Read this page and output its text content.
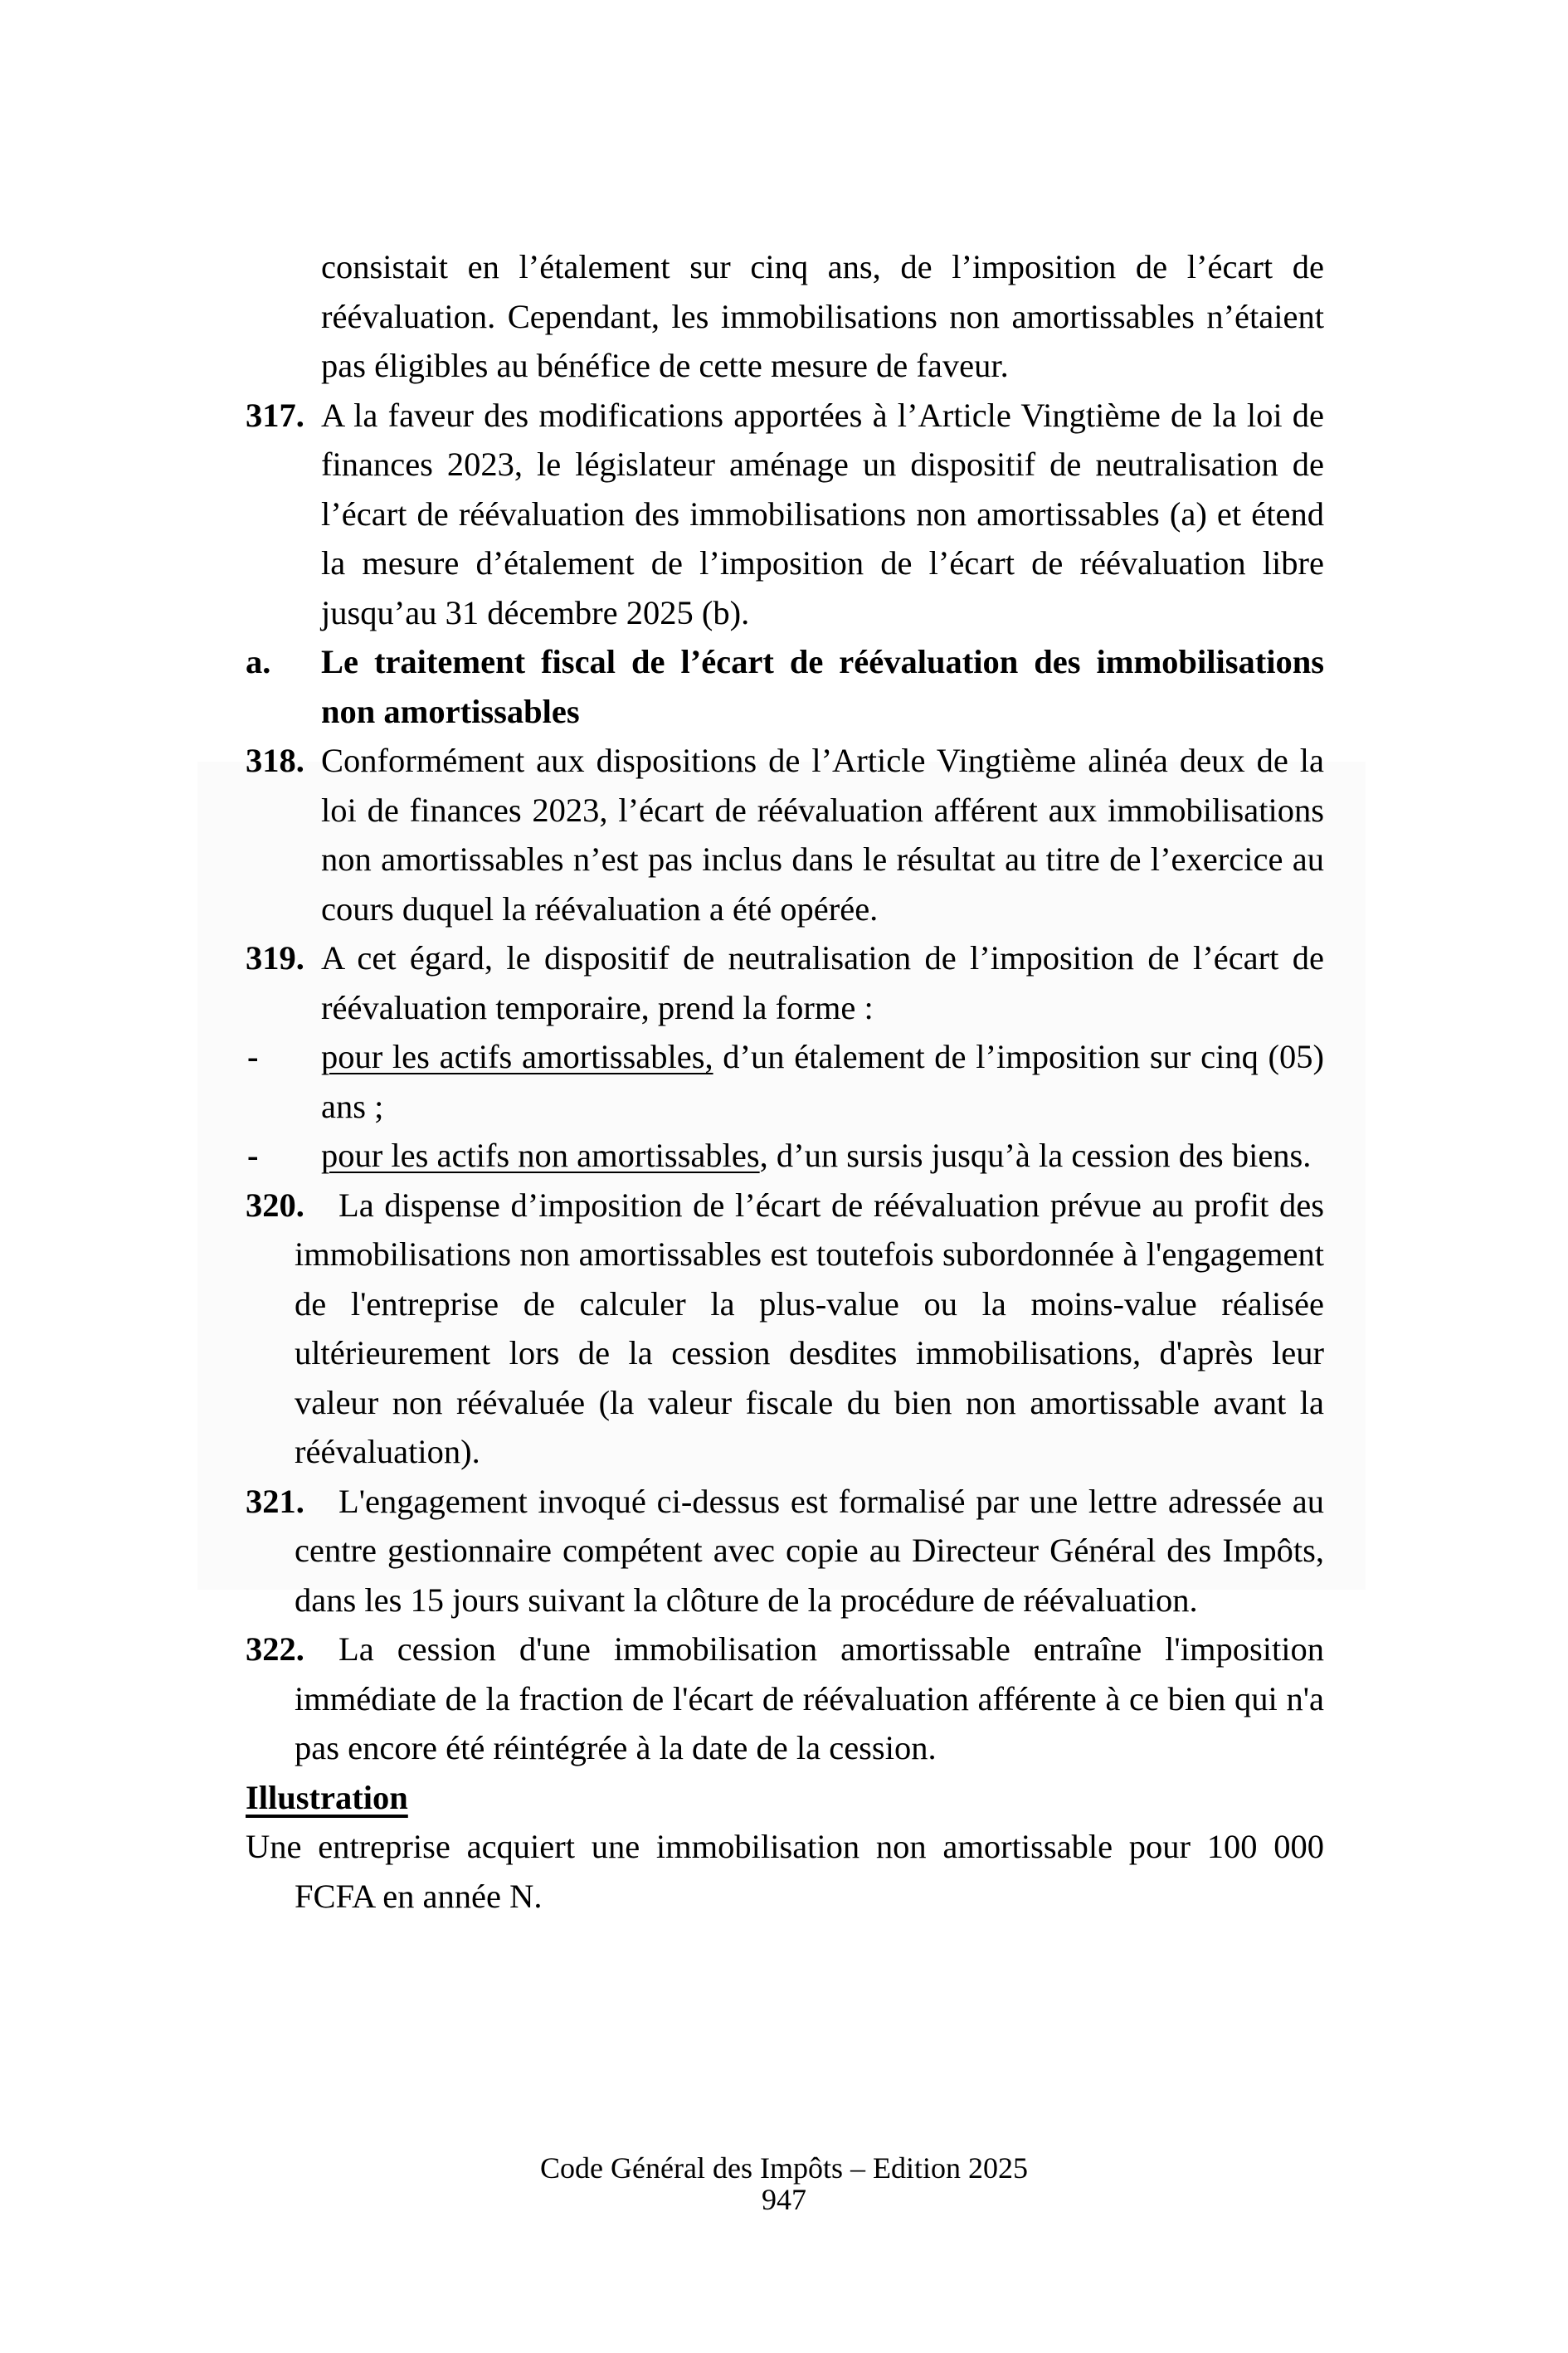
consistait en l’étalement sur cinq ans, de l’imposition de l’écart de réévaluation. Cependant, les immobilisations non amortissables n’étaient pas éligibles au bénéfice de cette mesure de faveur.
317. A la faveur des modifications apportées à l’Article Vingtième de la loi de finances 2023, le législateur aménage un dispositif de neutralisation de l’écart de réévaluation des immobilisations non amortissables (a) et étend la mesure d’étalement de l’imposition de l’écart de réévaluation libre jusqu’au 31 décembre 2025 (b).
a. Le traitement fiscal de l’écart de réévaluation des immobilisations non amortissables
318. Conformément aux dispositions de l’Article Vingtième alinéa deux de la loi de finances 2023, l’écart de réévaluation afférent aux immobilisations non amortissables n’est pas inclus dans le résultat au titre de l’exercice au cours duquel la réévaluation a été opérée.
319. A cet égard, le dispositif de neutralisation de l’imposition de l’écart de réévaluation temporaire, prend la forme :
- pour les actifs amortissables, d’un étalement de l’imposition sur cinq (05) ans ;
- pour les actifs non amortissables, d’un sursis jusqu’à la cession des biens.
320. La dispense d’imposition de l’écart de réévaluation prévue au profit des immobilisations non amortissables est toutefois subordonnée à l'engagement de l'entreprise de calculer la plus-value ou la moins-value réalisée ultérieurement lors de la cession desdites immobilisations, d'après leur valeur non réévaluée (la valeur fiscale du bien non amortissable avant la réévaluation).
321. L'engagement invoqué ci-dessus est formalisé par une lettre adressée au centre gestionnaire compétent avec copie au Directeur Général des Impôts, dans les 15 jours suivant la clôture de la procédure de réévaluation.
322. La cession d'une immobilisation amortissable entraîne l'imposition immédiate de la fraction de l'écart de réévaluation afférente à ce bien qui n'a pas encore été réintégrée à la date de la cession.
Illustration
Une entreprise acquiert une immobilisation non amortissable pour 100 000 FCFA en année N.
Code Général des Impôts – Edition 2025
947
